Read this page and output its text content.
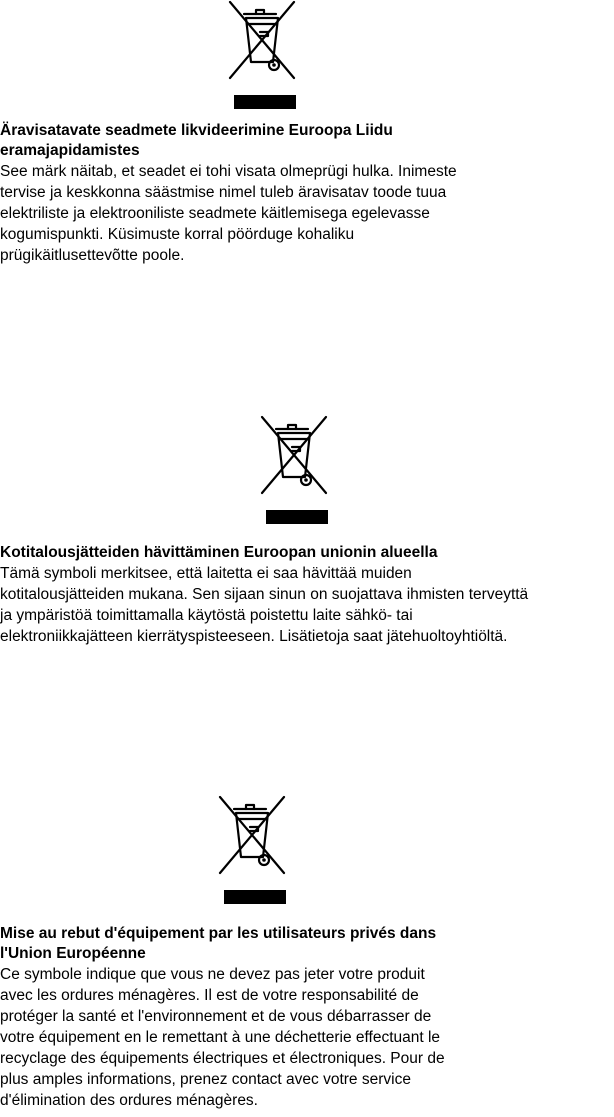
Äravisatavate seadmete likvideerimine Euroopa Liidu
eramajapidamistes

See märk näitab, et seadet ei tohi visata olmeprügi hulka. Inimeste
tervise ja keskkonna säästmise nimel tuleb äravisatav toode tuua
elektriliste ja elektrooniliste seadmete käitlemisega egelevasse
kogumispunkti. Küsimuste korral pöörduge kohaliku
prügikäitlusettevõtte poole.

Kotitalousjätteiden hävittäminen Euroopan unionin alueella

Tämä symboli merkitsee, että laitetta ei saa hävittää muiden
kotitalousjätteiden mukana. Sen sijaan sinun on suojattava ihmisten terveyttä
ja ympäristöä toimittamalla käytöstä poistettu laite sähkö- tai
elektroniikkajätteen kierrätyspisteeseen. Lisätietoja saat jätehuoltoyhtiöltä.

Mise au rebut d'équipement par les utilisateurs privés dans
l'Union Européenne

Ce symbole indique que vous ne devez pas jeter votre produit
avec les ordures ménagères. Il est de votre responsabilité de
protéger la santé et l'environnement et de vous débarrasser de
votre équipement en le remettant à une déchetterie effectuant le
recyclage des équipements électriques et électroniques. Pour de
plus amples informations, prenez contact avec votre service
d'élimination des ordures ménagères.
